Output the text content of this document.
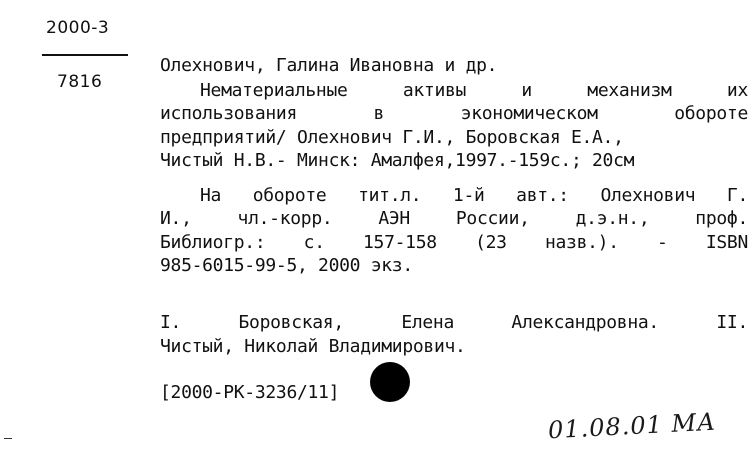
2000-3
7816
Олехнович, Галина Ивановна и др.
Нематериальные активы и механизм их
использования в экономическом обороте
предприятий/ Олехнович Г.И., Боровская Е.А.,
Чистый Н.В.- Минск: Амалфея,1997.-159с.; 20см
На обороте тит.л. 1-й авт.: Олехнович Г.
И., чл.-корр. АЭН России, д.э.н., проф.
Библиогр.: с. 157-158 (23 назв.). - ISBN
985-6015-99-5, 2000 экз.
I. Боровская, Елена Александровна. II.
Чистый, Николай Владимирович.
[2000-РК-3236/11]
01.08.01 МА
